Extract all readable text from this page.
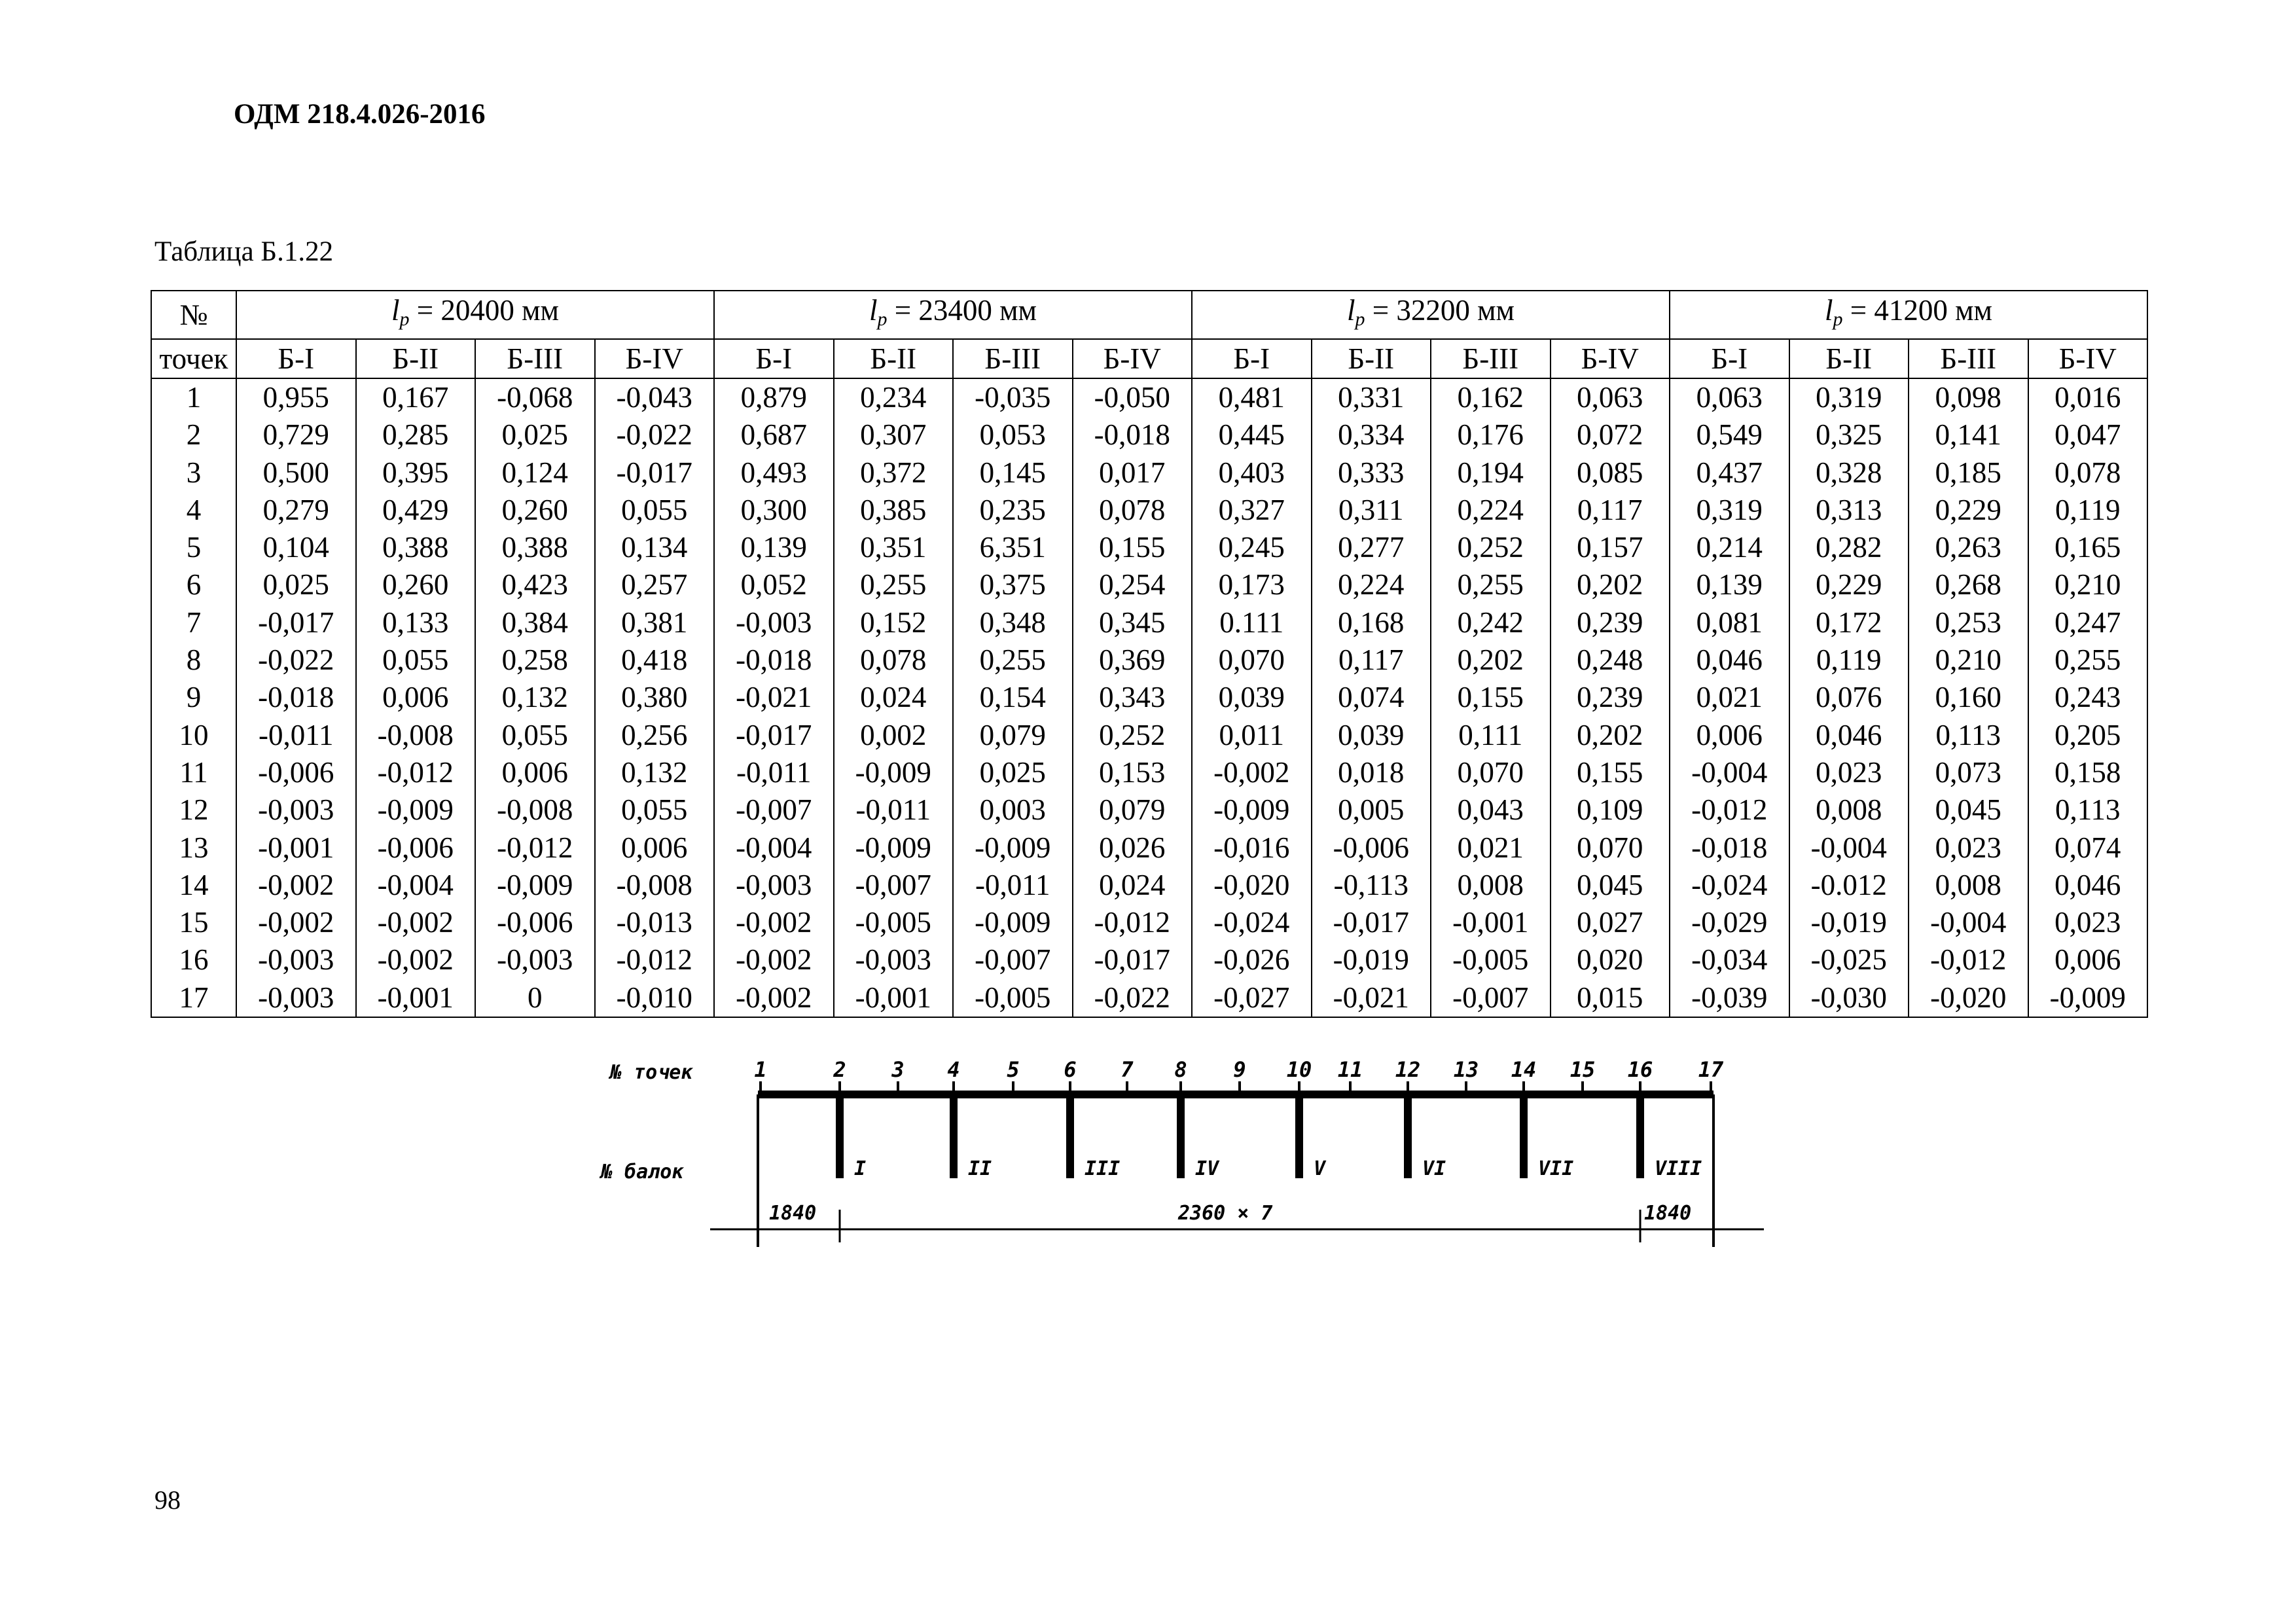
ОДМ 218.4.026-2016
Таблица Б.1.22
№	lp = 20400 мм				lp = 23400 мм				lp = 32200 мм				lp = 41200 мм			
точек	Б-I	Б-II	Б-III	Б-IV	Б-I	Б-II	Б-III	Б-IV	Б-I	Б-II	Б-III	Б-IV	Б-I	Б-II	Б-III	Б-IV
1	0,955	0,167	-0,068	-0,043	0,879	0,234	-0,035	-0,050	0,481	0,331	0,162	0,063	0,063	0,319	0,098	0,016
2	0,729	0,285	0,025	-0,022	0,687	0,307	0,053	-0,018	0,445	0,334	0,176	0,072	0,549	0,325	0,141	0,047
3	0,500	0,395	0,124	-0,017	0,493	0,372	0,145	0,017	0,403	0,333	0,194	0,085	0,437	0,328	0,185	0,078
4	0,279	0,429	0,260	0,055	0,300	0,385	0,235	0,078	0,327	0,311	0,224	0,117	0,319	0,313	0,229	0,119
5	0,104	0,388	0,388	0,134	0,139	0,351	6,351	0,155	0,245	0,277	0,252	0,157	0,214	0,282	0,263	0,165
6	0,025	0,260	0,423	0,257	0,052	0,255	0,375	0,254	0,173	0,224	0,255	0,202	0,139	0,229	0,268	0,210
7	-0,017	0,133	0,384	0,381	-0,003	0,152	0,348	0,345	0.111	0,168	0,242	0,239	0,081	0,172	0,253	0,247
8	-0,022	0,055	0,258	0,418	-0,018	0,078	0,255	0,369	0,070	0,117	0,202	0,248	0,046	0,119	0,210	0,255
9	-0,018	0,006	0,132	0,380	-0,021	0,024	0,154	0,343	0,039	0,074	0,155	0,239	0,021	0,076	0,160	0,243
10	-0,011	-0,008	0,055	0,256	-0,017	0,002	0,079	0,252	0,011	0,039	0,111	0,202	0,006	0,046	0,113	0,205
11	-0,006	-0,012	0,006	0,132	-0,011	-0,009	0,025	0,153	-0,002	0,018	0,070	0,155	-0,004	0,023	0,073	0,158
12	-0,003	-0,009	-0,008	0,055	-0,007	-0,011	0,003	0,079	-0,009	0,005	0,043	0,109	-0,012	0,008	0,045	0,113
13	-0,001	-0,006	-0,012	0,006	-0,004	-0,009	-0,009	0,026	-0,016	-0,006	0,021	0,070	-0,018	-0,004	0,023	0,074
14	-0,002	-0,004	-0,009	-0,008	-0,003	-0,007	-0,011	0,024	-0,020	-0,113	0,008	0,045	-0,024	-0.012	0,008	0,046
15	-0,002	-0,002	-0,006	-0,013	-0,002	-0,005	-0,009	-0,012	-0,024	-0,017	-0,001	0,027	-0,029	-0,019	-0,004	0,023
16	-0,003	-0,002	-0,003	-0,012	-0,002	-0,003	-0,007	-0,017	-0,026	-0,019	-0,005	0,020	-0,034	-0,025	-0,012	0,006
17	-0,003	-0,001	0	-0,010	-0,002	-0,001	-0,005	-0,022	-0,027	-0,021	-0,007	0,015	-0,039	-0,030	-0,020	-0,009
№ точек
№ балок
1	2 3 4 5 6 7 8 9 10 11 12 13 14 15 16 17
I	II	III	IV	V	VI	VII	VIII
1840	2360 × 7	1840
98
